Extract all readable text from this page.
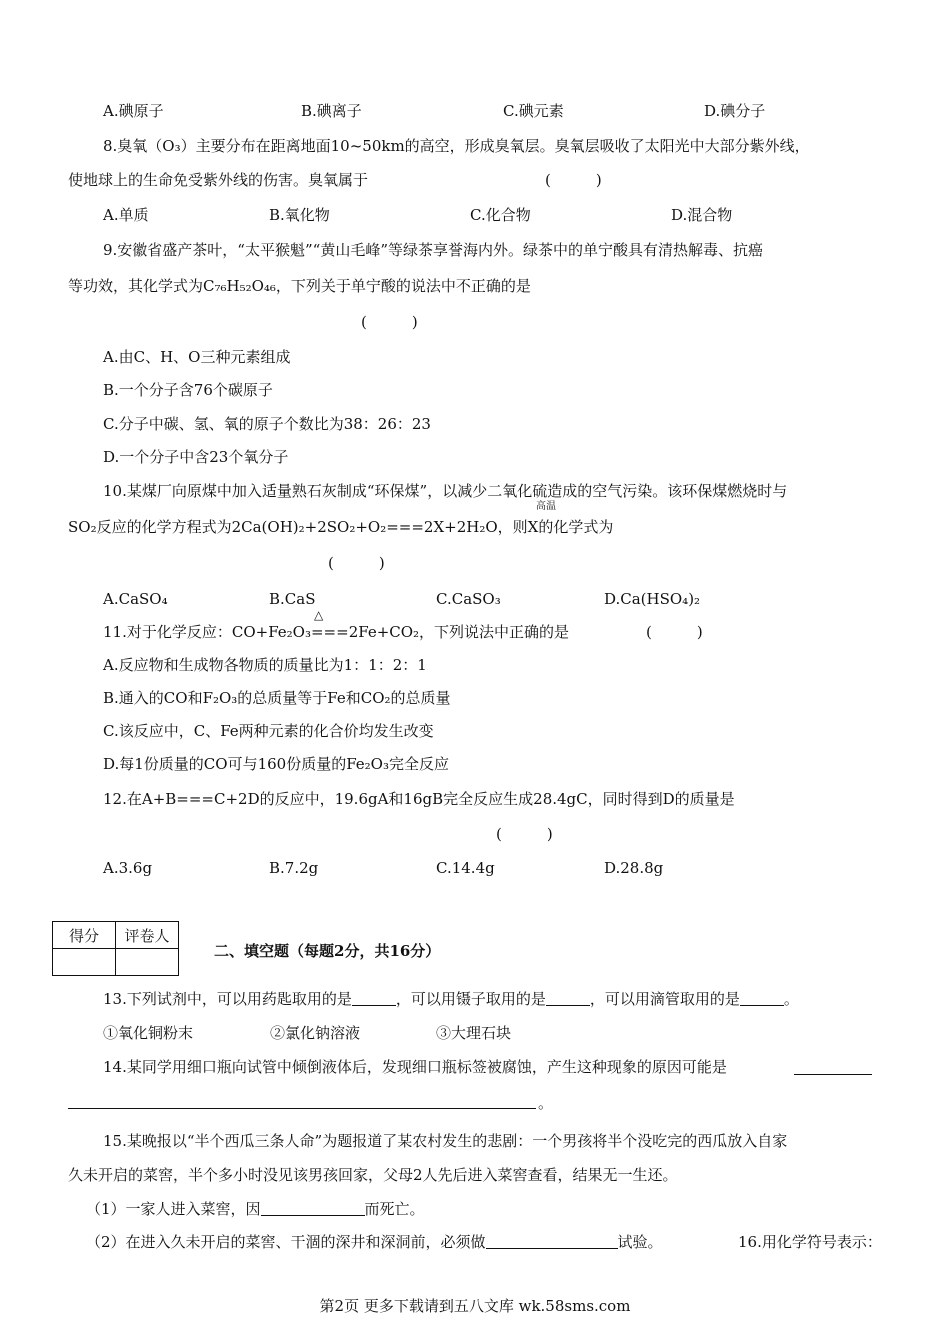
A.碘原子	B.碘离子	C.碘元素	D.碘分子
8.臭氧（O₃）主要分布在距离地面10~50km的高空，形成臭氧层。臭氧层吸收了太阳光中大部分紫外线，
使地球上的生命免受紫外线的伤害。臭氧属于	(　　　)
A.单质	B.氧化物	C.化合物	D.混合物
9.安徽省盛产茶叶，“太平猴魁”“黄山毛峰”等绿茶享誉海内外。绿茶中的单宁酸具有清热解毒、抗癌
等功效，其化学式为C₇₆H₅₂O₄₆，下列关于单宁酸的说法中不正确的是
(　　　)
A.由C、H、O三种元素组成
B.一个分子含76个碳原子
C.分子中碳、氢、氧的原子个数比为38：26：23
D.一个分子中含23个氧分子
10.某煤厂向原煤中加入适量熟石灰制成“环保煤”，以减少二氧化硫造成的空气污染。该环保煤燃烧时与
高温
SO₂反应的化学方程式为2Ca(OH)₂+2SO₂+O₂===2X+2H₂O，则X的化学式为
(　　　)
A.CaSO₄	B.CaS	C.CaSO₃	D.Ca(HSO₄)₂
△
11.对于化学反应：CO+Fe₂O₃===2Fe+CO₂，下列说法中正确的是	(　　　)
A.反应物和生成物各物质的质量比为1：1：2：1
B.通入的CO和F₂O₃的总质量等于Fe和CO₂的总质量
C.该反应中，C、Fe两种元素的化合价均发生改变
D.每1份质量的CO可与160份质量的Fe₂O₃完全反应
12.在A+B===C+2D的反应中，19.6gA和16gB完全反应生成28.4gC，同时得到D的质量是
(　　　)
A.3.6g	B.7.2g	C.14.4g	D.28.8g
得分	评卷人

二、填空题（每题2分，共16分）
13.下列试剂中，可以用药匙取用的是	，可以用镊子取用的是	，可以用滴管取用的是	。
①氧化铜粉末	②氯化钠溶液	③大理石块
14.某同学用细口瓶向试管中倾倒液体后，发现细口瓶标签被腐蚀，产生这种现象的原因可能是
。
15.某晚报以“半个西瓜三条人命”为题报道了某农村发生的悲剧：一个男孩将半个没吃完的西瓜放入自家
久未开启的菜窖，半个多小时没见该男孩回家，父母2人先后进入菜窖查看，结果无一生还。
（1）一家人进入菜窖，因	而死亡。
（2）在进入久未开启的菜窖、干涸的深井和深洞前，必须做	试验。	16.用化学符号表示：
第2页 更多下载请到五八文库 wk.58sms.com
